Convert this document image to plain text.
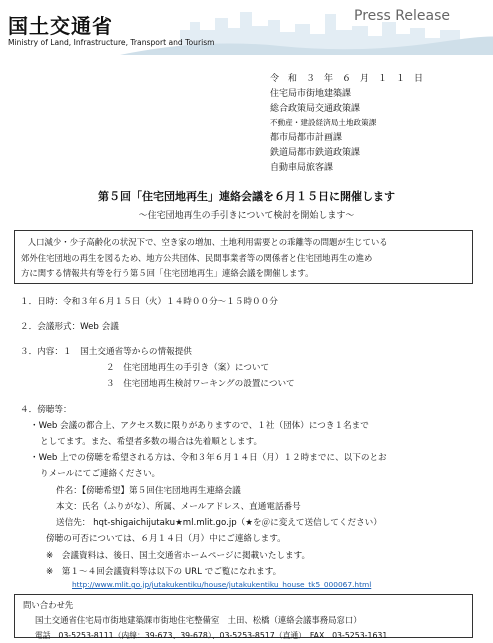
国土交通省
Ministry of Land, Infrastructure, Transport and Tourism
Press Release
令　和　３　年　６　月　１　１　日
住宅局市街地建築課
総合政策局交通政策課
不動産・建設経済局土地政策課
都市局都市計画課
鉄道局都市鉄道政策課
自動車局旅客課
第５回「住宅団地再生」連絡会議を６月１５日に開催します
～住宅団地再生の手引きについて検討を開始します～
人口減少・少子高齢化の状況下で、空き家の増加、土地利用需要との乖離等の問題が生じている
郊外住宅団地の再生を図るため、地方公共団体、民間事業者等の関係者と住宅団地再生の進め
方に関する情報共有等を行う第５回「住宅団地再生」連絡会議を開催します。
１．日時：令和３年６月１５日（火）１４時００分～１５時００分
２．会議形式：Web 会議
３．内容：１　国土交通省等からの情報提供
２　住宅団地再生の手引き（案）について
３　住宅団地再生検討ワーキングの設置について
４．傍聴等：
・Web 会議の都合上、アクセス数に限りがありますので、１社（団体）につき１名まで
としてます。また、希望者多数の場合は先着順とします。
・Web 上での傍聴を希望される方は、令和３年６月１４日（月）１２時までに、以下のとお
りメールにてご連絡ください。
件名：【傍聴希望】第５回住宅団地再生連絡会議
本文：氏名（ふりがな）、所属、メールアドレス、直通電話番号
送信先： hqt-shigaichijutaku★ml.mlit.go.jp（★を＠に変えて送信してください）
傍聴の可否については、６月１４日（月）中にご連絡します。
※　会議資料は、後日、国土交通省ホームページに掲載いたします。
※　第１～４回会議資料等は以下の URL でご覧になれます。
http://www.mlit.go.jp/jutakukentiku/house/jutakukentiku_house_tk5_000067.html
問い合わせ先
国土交通省住宅局市街地建築課市街地住宅整備室　土田、松橋（連絡会議事務局窓口）
電話　03-5253-8111（内線：39-673、39-678）、03-5253-8517（直通）　FAX　03-5253-1631
